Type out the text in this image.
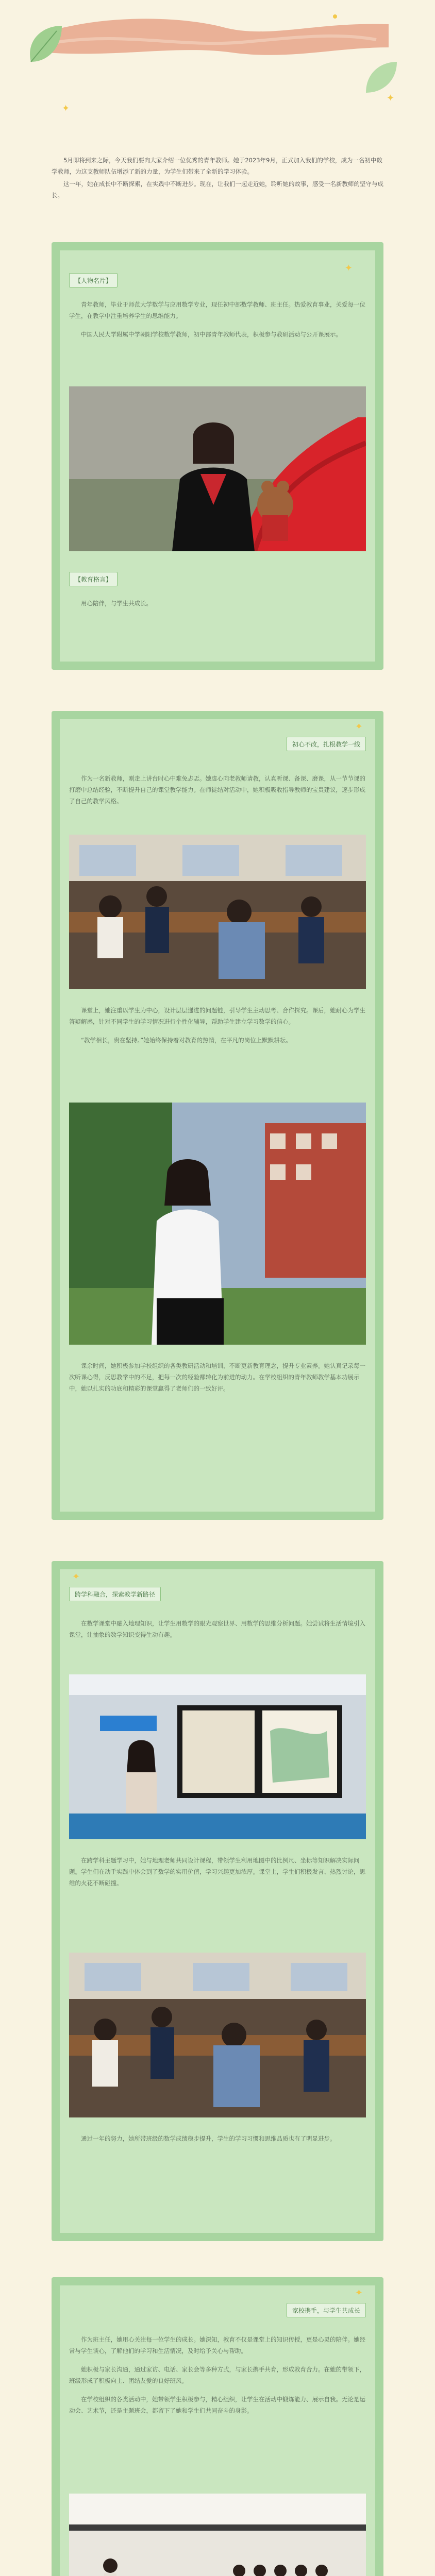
✦
✦

5月即将到来之际，今天我们要向大家介绍一位优秀的青年教师。她于2023年9月，正式加入我们的学校，成为一名初中数学教师，为这支教师队伍增添了新的力量，为学生们带来了全新的学习体验。

这一年，她在成长中不断探索，在实践中不断进步。现在，让我们一起走近她，聆听她的故事，感受一名新教师的坚守与成长。

【人物名片】
✦

青年教师，毕业于师范大学数学与应用数学专业，现任初中部数学教师、班主任。热爱教育事业，关爱每一位学生，在教学中注重培养学生的思维能力。

中国人民大学附属中学朝阳学校数学教师，初中部青年教师代表，积极参与教研活动与公开课展示。

【教育格言】

用心陪伴，与学生共成长。

✦
初心不改，扎根教学一线

作为一名新教师，刚走上讲台时心中难免忐忑。她虚心向老教师请教，认真听课、备课、磨课，从一节节课的打磨中总结经验，不断提升自己的课堂教学能力。在师徒结对活动中，她积极吸收指导教师的宝贵建议，逐步形成了自己的教学风格。

课堂上，她注重以学生为中心，设计层层递进的问题链，引导学生主动思考、合作探究。课后，她耐心为学生答疑解惑，针对不同学生的学习情况进行个性化辅导，帮助学生建立学习数学的信心。

“教学相长，贵在坚持。”她始终保持着对教育的热情，在平凡的岗位上默默耕耘。

课余时间，她积极参加学校组织的各类教研活动和培训，不断更新教育理念，提升专业素养。她认真记录每一次听课心得，反思教学中的不足，把每一次的经验都转化为前进的动力。在学校组织的青年教师教学基本功展示中，她以扎实的功底和精彩的课堂赢得了老师们的一致好评。

✦
跨学科融合，探索教学新路径

在数学课堂中融入地理知识，让学生用数学的眼光观察世界、用数学的思维分析问题。她尝试将生活情境引入课堂，让抽象的数学知识变得生动有趣。

在跨学科主题学习中，她与地理老师共同设计课程，带领学生利用地图中的比例尺、坐标等知识解决实际问题。学生们在动手实践中体会到了数学的实用价值，学习兴趣更加浓厚。课堂上，学生们积极发言、热烈讨论，思维的火花不断碰撞。

通过一年的努力，她所带班级的数学成绩稳步提升，学生的学习习惯和思维品质也有了明显进步。

✦
家校携手，与学生共成长

作为班主任，她用心关注每一位学生的成长。她深知，教育不仅是课堂上的知识传授，更是心灵的陪伴。她经常与学生谈心，了解他们的学习和生活情况，及时给予关心与帮助。

她积极与家长沟通，通过家访、电话、家长会等多种方式，与家长携手共育，形成教育合力。在她的带领下，班级形成了积极向上、团结友爱的良好班风。

在学校组织的各类活动中，她带领学生积极参与，精心组织，让学生在活动中锻炼能力、展示自我。无论是运动会、艺术节，还是主题班会，都留下了她和学生们共同奋斗的身影。
